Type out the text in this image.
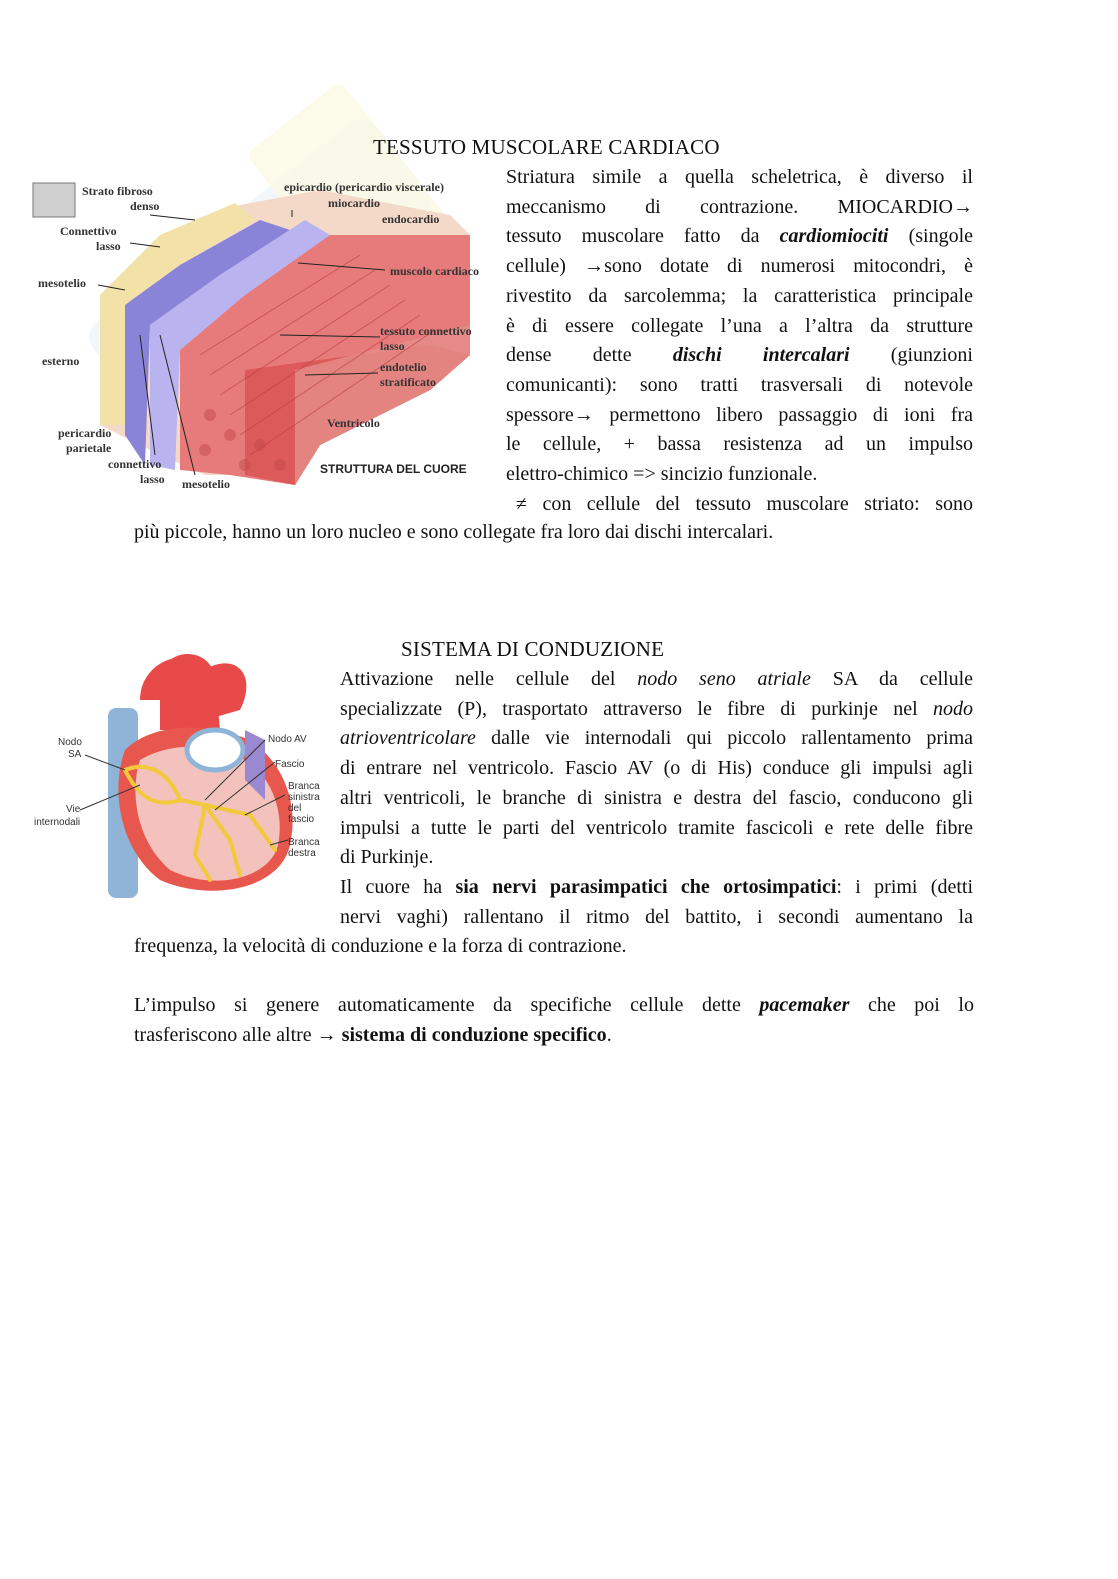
TESSUTO MUSCOLARE CARDIACO
Strato fibroso
denso
Connettivo
lasso
mesotelio
esterno
pericardio
parietale
connettivo
lasso mesotelio
epicardio (pericardio viscerale)
miocardio
endocardio
muscolo cardiaco
tessuto connettivo
lasso
endotelio
stratificato
Ventricolo
STRUTTURA DEL CUORE
Striatura simile a quella scheletrica, è diverso il
meccanismo di contrazione. MIOCARDIO→
tessuto muscolare fatto da cardiomiociti (singole
cellule) →sono dotate di numerosi mitocondri, è
rivestito da sarcolemma; la caratteristica principale
è di essere collegate l’una a l’altra da strutture
dense dette dischi intercalari (giunzioni
comunicanti): sono tratti trasversali di notevole
spessore→ permettono libero passaggio di ioni fra
le cellule, + bassa resistenza ad un impulso
elettro-chimico => sincizio funzionale.
≠ con cellule del tessuto muscolare striato: sono
più piccole, hanno un loro nucleo e sono collegate fra loro dai dischi intercalari.
SISTEMA DI CONDUZIONE
Nodo
SA
Vie
internodali
Nodo AV
Fascio
Branca
sinistra
del
fascio
Branca
destra
Attivazione nelle cellule del nodo seno atriale SA da cellule
specializzate (P), trasportato attraverso le fibre di purkinje nel nodo
atrioventricolare dalle vie internodali qui piccolo rallentamento prima
di entrare nel ventricolo. Fascio AV (o di His) conduce gli impulsi agli
altri ventricoli, le branche di sinistra e destra del fascio, conducono gli
impulsi a tutte le parti del ventricolo tramite fascicoli e rete delle fibre
di Purkinje.
Il cuore ha sia nervi parasimpatici che ortosimpatici: i primi (detti
nervi vaghi) rallentano il ritmo del battito, i secondi aumentano la
frequenza, la velocità di conduzione e la forza di contrazione.
L’impulso si genere automaticamente da specifiche cellule dette pacemaker che poi lo
trasferiscono alle altre → sistema di conduzione specifico.
